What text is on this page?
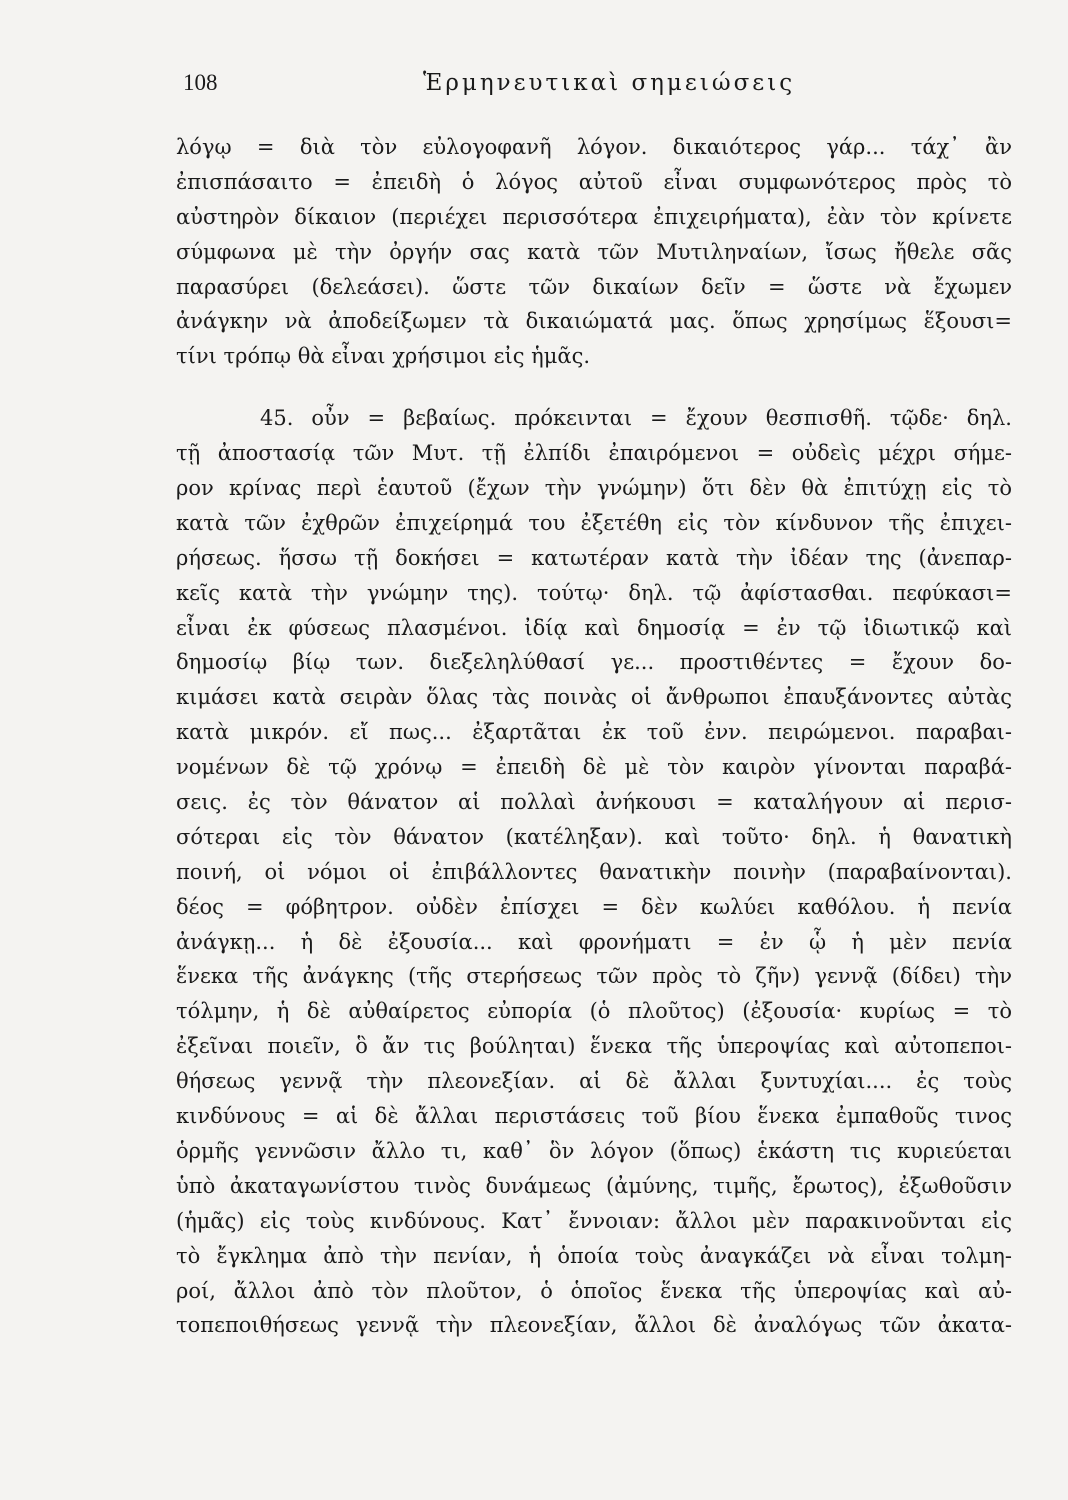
108	Ἑρμηνευτικαὶ σημειώσεις
λόγῳ = διὰ τὸν εὐλογοφανῆ λόγον. δικαιότερος γάρ... τάχ᾽ ἂν
ἐπισπάσαιτο = ἐπειδὴ ὁ λόγος αὐτοῦ εἶναι συμφωνότερος πρὸς τὸ
αὐστηρὸν δίκαιον (περιέχει περισσότερα ἐπιχειρήματα), ἐὰν τὸν κρίνετε
σύμφωνα μὲ τὴν ὀργήν σας κατὰ τῶν Μυτιληναίων, ἴσως ἤθελε σᾶς
παρασύρει (δελεάσει). ὥστε τῶν δικαίων δεῖν = ὥστε νὰ ἔχωμεν
ἀνάγκην νὰ ἀποδείξωμεν τὰ δικαιώματά μας. ὅπως χρησίμως ἕξουσι=
τίνι τρόπῳ θὰ εἶναι χρήσιμοι εἰς ἡμᾶς.
45. οὖν = βεβαίως. πρόκεινται = ἔχουν θεσπισθῆ. τῷδε· δηλ.
τῇ ἀποστασίᾳ τῶν Μυτ. τῇ ἐλπίδι ἐπαιρόμενοι = οὐδεὶς μέχρι σήμε-
ρον κρίνας περὶ ἑαυτοῦ (ἔχων τὴν γνώμην) ὅτι δὲν θὰ ἐπιτύχῃ εἰς τὸ
κατὰ τῶν ἐχθρῶν ἐπιχείρημά του ἐξετέθη εἰς τὸν κίνδυνον τῆς ἐπιχει-
ρήσεως. ἥσσω τῇ δοκήσει = κατωτέραν κατὰ τὴν ἰδέαν της (ἀνεπαρ-
κεῖς κατὰ τὴν γνώμην της). τούτῳ· δηλ. τῷ ἀφίστασθαι. πεφύκασι=
εἶναι ἐκ φύσεως πλασμένοι. ἰδίᾳ καὶ δημοσίᾳ = ἐν τῷ ἰδιωτικῷ καὶ
δημοσίῳ βίῳ των. διεξεληλύθασί γε... προστιθέντες = ἔχουν δο-
κιμάσει κατὰ σειρὰν ὅλας τὰς ποινὰς οἱ ἄνθρωποι ἐπαυξάνοντες αὐτὰς
κατὰ μικρόν. εἴ πως... ἐξαρτᾶται ἐκ τοῦ ἐνν. πειρώμενοι. παραβαι-
νομένων δὲ τῷ χρόνῳ = ἐπειδὴ δὲ μὲ τὸν καιρὸν γίνονται παραβά-
σεις. ἐς τὸν θάνατον αἱ πολλαὶ ἀνήκουσι = καταλήγουν αἱ περισ-
σότεραι εἰς τὸν θάνατον (κατέληξαν). καὶ τοῦτο· δηλ. ἡ θανατικὴ
ποινή, οἱ νόμοι οἱ ἐπιβάλλοντες θανατικὴν ποινὴν (παραβαίνονται).
δέος = φόβητρον. οὐδὲν ἐπίσχει = δὲν κωλύει καθόλου. ἡ πενία
ἀνάγκῃ... ἡ δὲ ἐξουσία... καὶ φρονήματι = ἐν ᾧ ἡ μὲν πενία
ἕνεκα τῆς ἀνάγκης (τῆς στερήσεως τῶν πρὸς τὸ ζῆν) γεννᾷ (δίδει) τὴν
τόλμην, ἡ δὲ αὐθαίρετος εὐπορία (ὁ πλοῦτος) (ἐξουσία· κυρίως = τὸ
ἐξεῖναι ποιεῖν, ὃ ἄν τις βούληται) ἕνεκα τῆς ὑπεροψίας καὶ αὐτοπεποι-
θήσεως γεννᾷ τὴν πλεονεξίαν. αἱ δὲ ἄλλαι ξυντυχίαι.... ἐς τοὺς
κινδύνους = αἱ δὲ ἄλλαι περιστάσεις τοῦ βίου ἕνεκα ἐμπαθοῦς τινος
ὁρμῆς γεννῶσιν ἄλλο τι, καθ᾽ ὃν λόγον (ὅπως) ἑκάστη τις κυριεύεται
ὑπὸ ἀκαταγωνίστου τινὸς δυνάμεως (ἀμύνης, τιμῆς, ἔρωτος), ἐξωθοῦσιν
(ἡμᾶς) εἰς τοὺς κινδύνους. Κατ᾽ ἔννοιαν: ἄλλοι μὲν παρακινοῦνται εἰς
τὸ ἔγκλημα ἀπὸ τὴν πενίαν, ἡ ὁποία τοὺς ἀναγκάζει νὰ εἶναι τολμη-
ροί, ἄλλοι ἀπὸ τὸν πλοῦτον, ὁ ὁποῖος ἕνεκα τῆς ὑπεροψίας καὶ αὐ-
τοπεποιθήσεως γεννᾷ τὴν πλεονεξίαν, ἄλλοι δὲ ἀναλόγως τῶν ἀκατα-
